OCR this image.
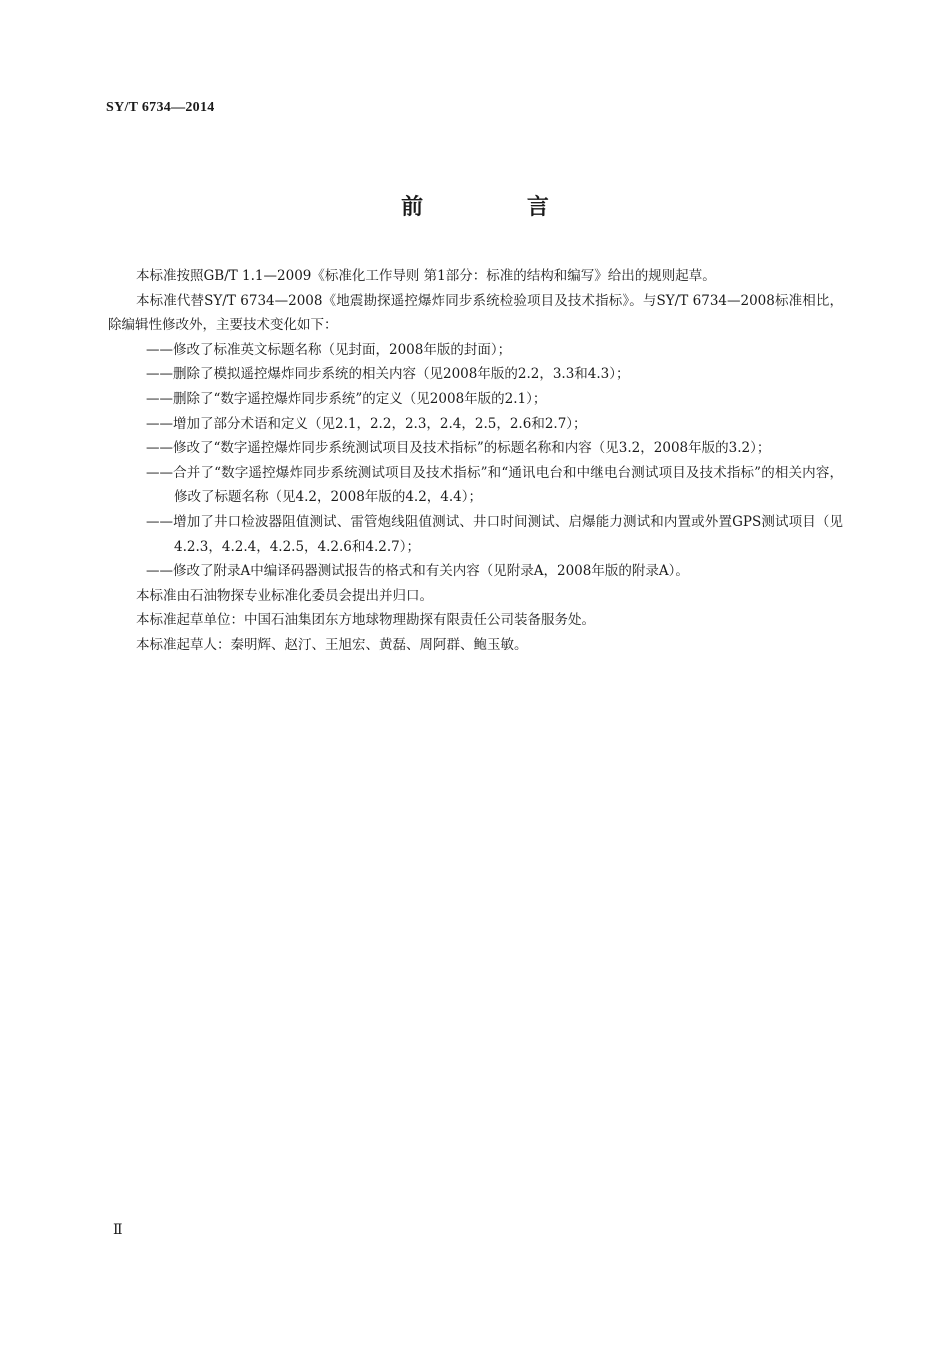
SY/T 6734—2014
前 言

本标准按照GB/T 1.1—2009《标准化工作导则 第1部分：标准的结构和编写》给出的规则起草。

本标准代替SY/T 6734—2008《地震勘探遥控爆炸同步系统检验项目及技术指标》。与SY/T 6734—2008标准相比，除编辑性修改外，主要技术变化如下：

——修改了标准英文标题名称（见封面，2008年版的封面）；

——删除了模拟遥控爆炸同步系统的相关内容（见2008年版的2.2，3.3和4.3）；

——删除了“数字遥控爆炸同步系统”的定义（见2008年版的2.1）；

——增加了部分术语和定义（见2.1，2.2，2.3，2.4，2.5，2.6和2.7）；

——修改了“数字遥控爆炸同步系统测试项目及技术指标”的标题名称和内容（见3.2，2008年版的3.2）；

——合并了“数字遥控爆炸同步系统测试项目及技术指标”和“通讯电台和中继电台测试项目及技术指标”的相关内容，修改了标题名称（见4.2，2008年版的4.2，4.4）；

——增加了井口检波器阻值测试、雷管炮线阻值测试、井口时间测试、启爆能力测试和内置或外置GPS测试项目（见4.2.3，4.2.4，4.2.5，4.2.6和4.2.7）；

——修改了附录A中编译码器测试报告的格式和有关内容（见附录A，2008年版的附录A）。

本标准由石油物探专业标准化委员会提出并归口。

本标准起草单位：中国石油集团东方地球物理勘探有限责任公司装备服务处。

本标准起草人：秦明辉、赵汀、王旭宏、黄磊、周阿群、鲍玉敏。

Ⅱ
